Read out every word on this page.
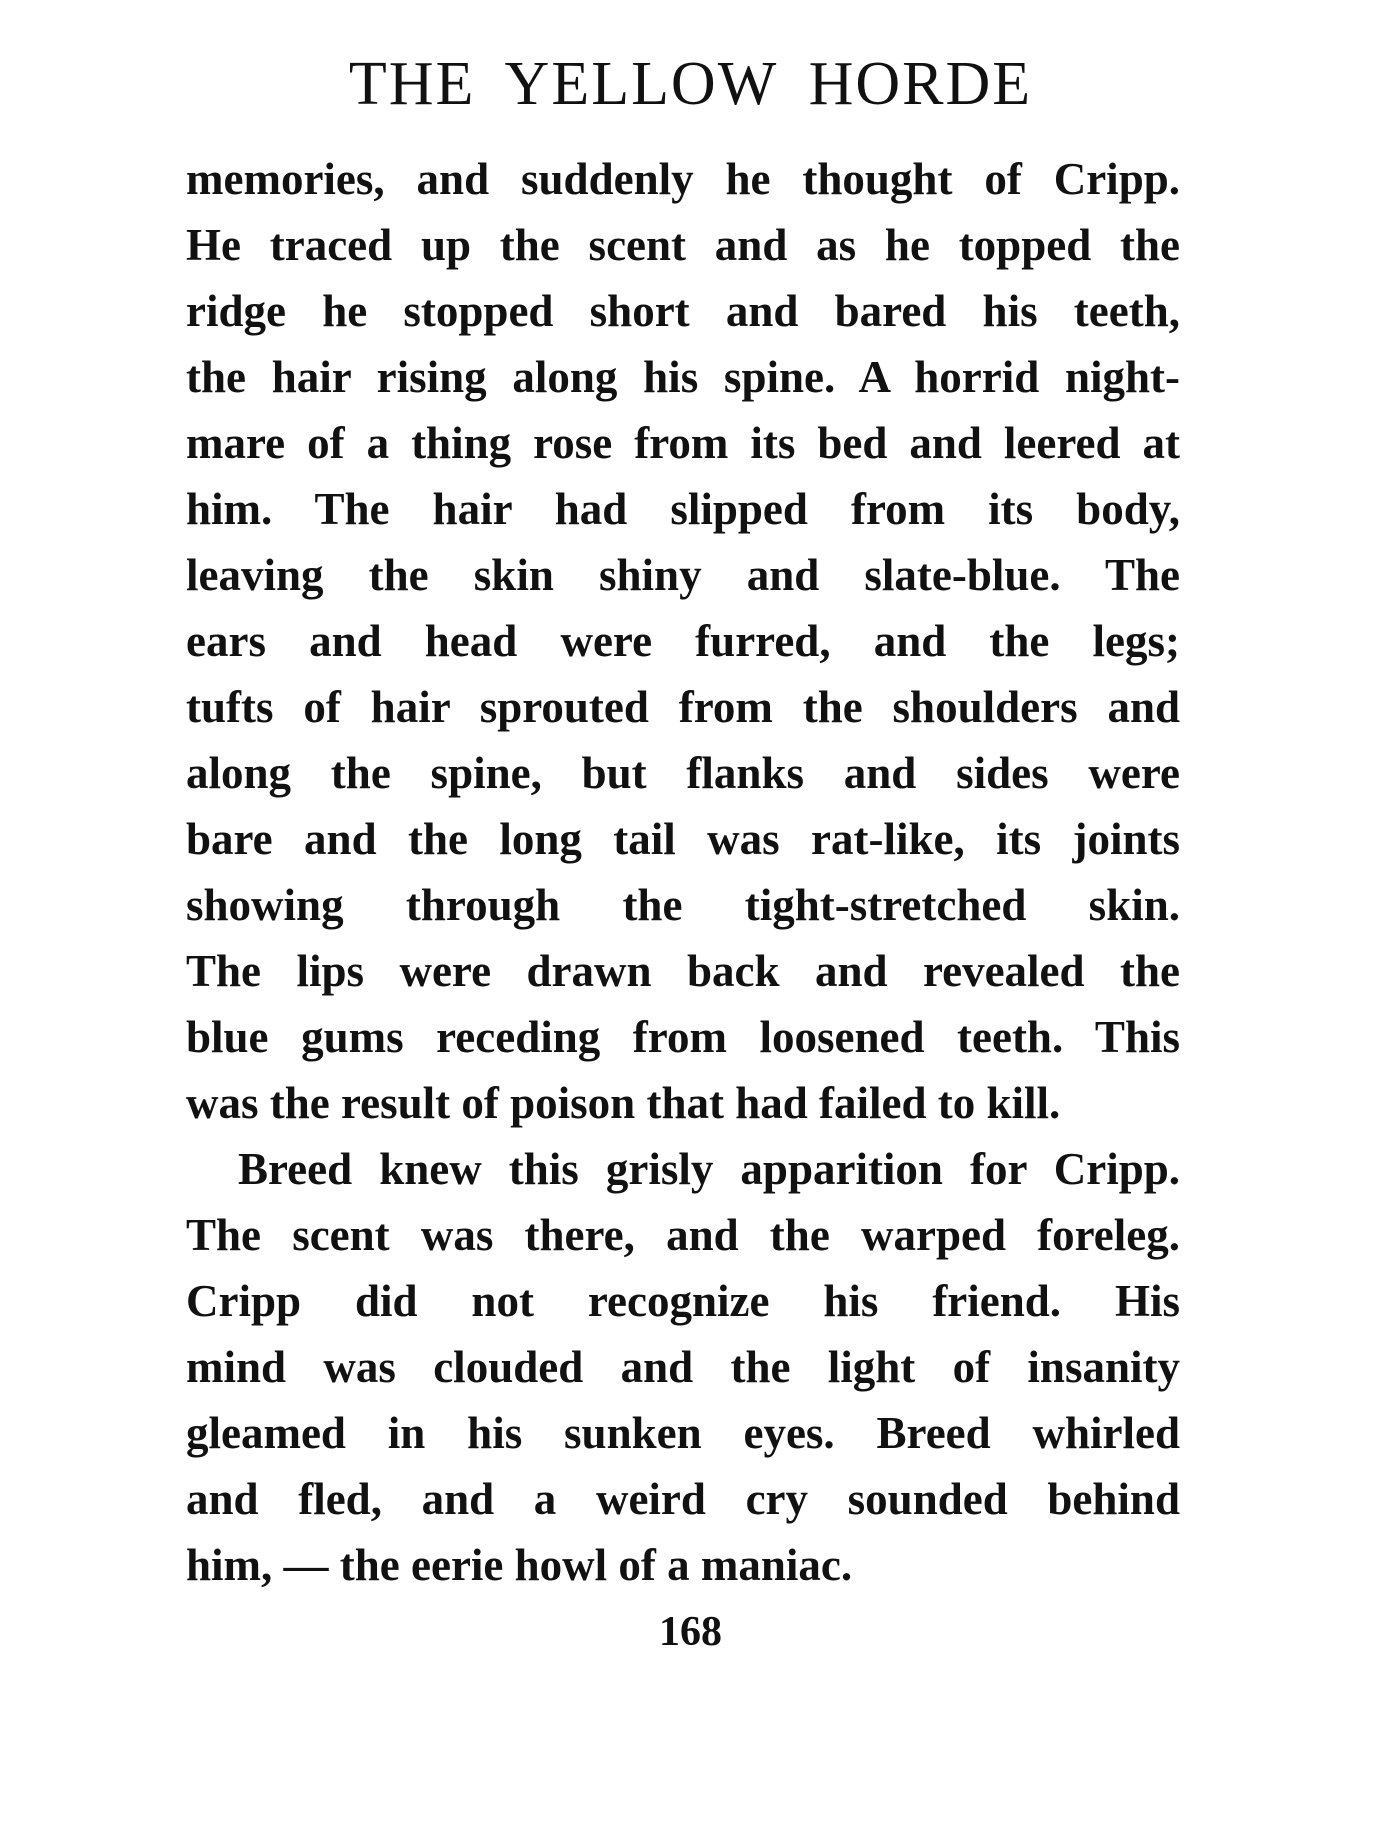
THE YELLOW HORDE
memories, and suddenly he thought of Cripp.
He traced up the scent and as he topped the
ridge he stopped short and bared his teeth,
the hair rising along his spine. A horrid night-
mare of a thing rose from its bed and leered at
him. The hair had slipped from its body,
leaving the skin shiny and slate-blue. The
ears and head were furred, and the legs;
tufts of hair sprouted from the shoulders and
along the spine, but flanks and sides were
bare and the long tail was rat-like, its joints
showing through the tight-stretched skin.
The lips were drawn back and revealed the
blue gums receding from loosened teeth. This
was the result of poison that had failed to kill.
Breed knew this grisly apparition for Cripp.
The scent was there, and the warped foreleg.
Cripp did not recognize his friend. His
mind was clouded and the light of insanity
gleamed in his sunken eyes. Breed whirled
and fled, and a weird cry sounded behind
him, — the eerie howl of a maniac.
168
